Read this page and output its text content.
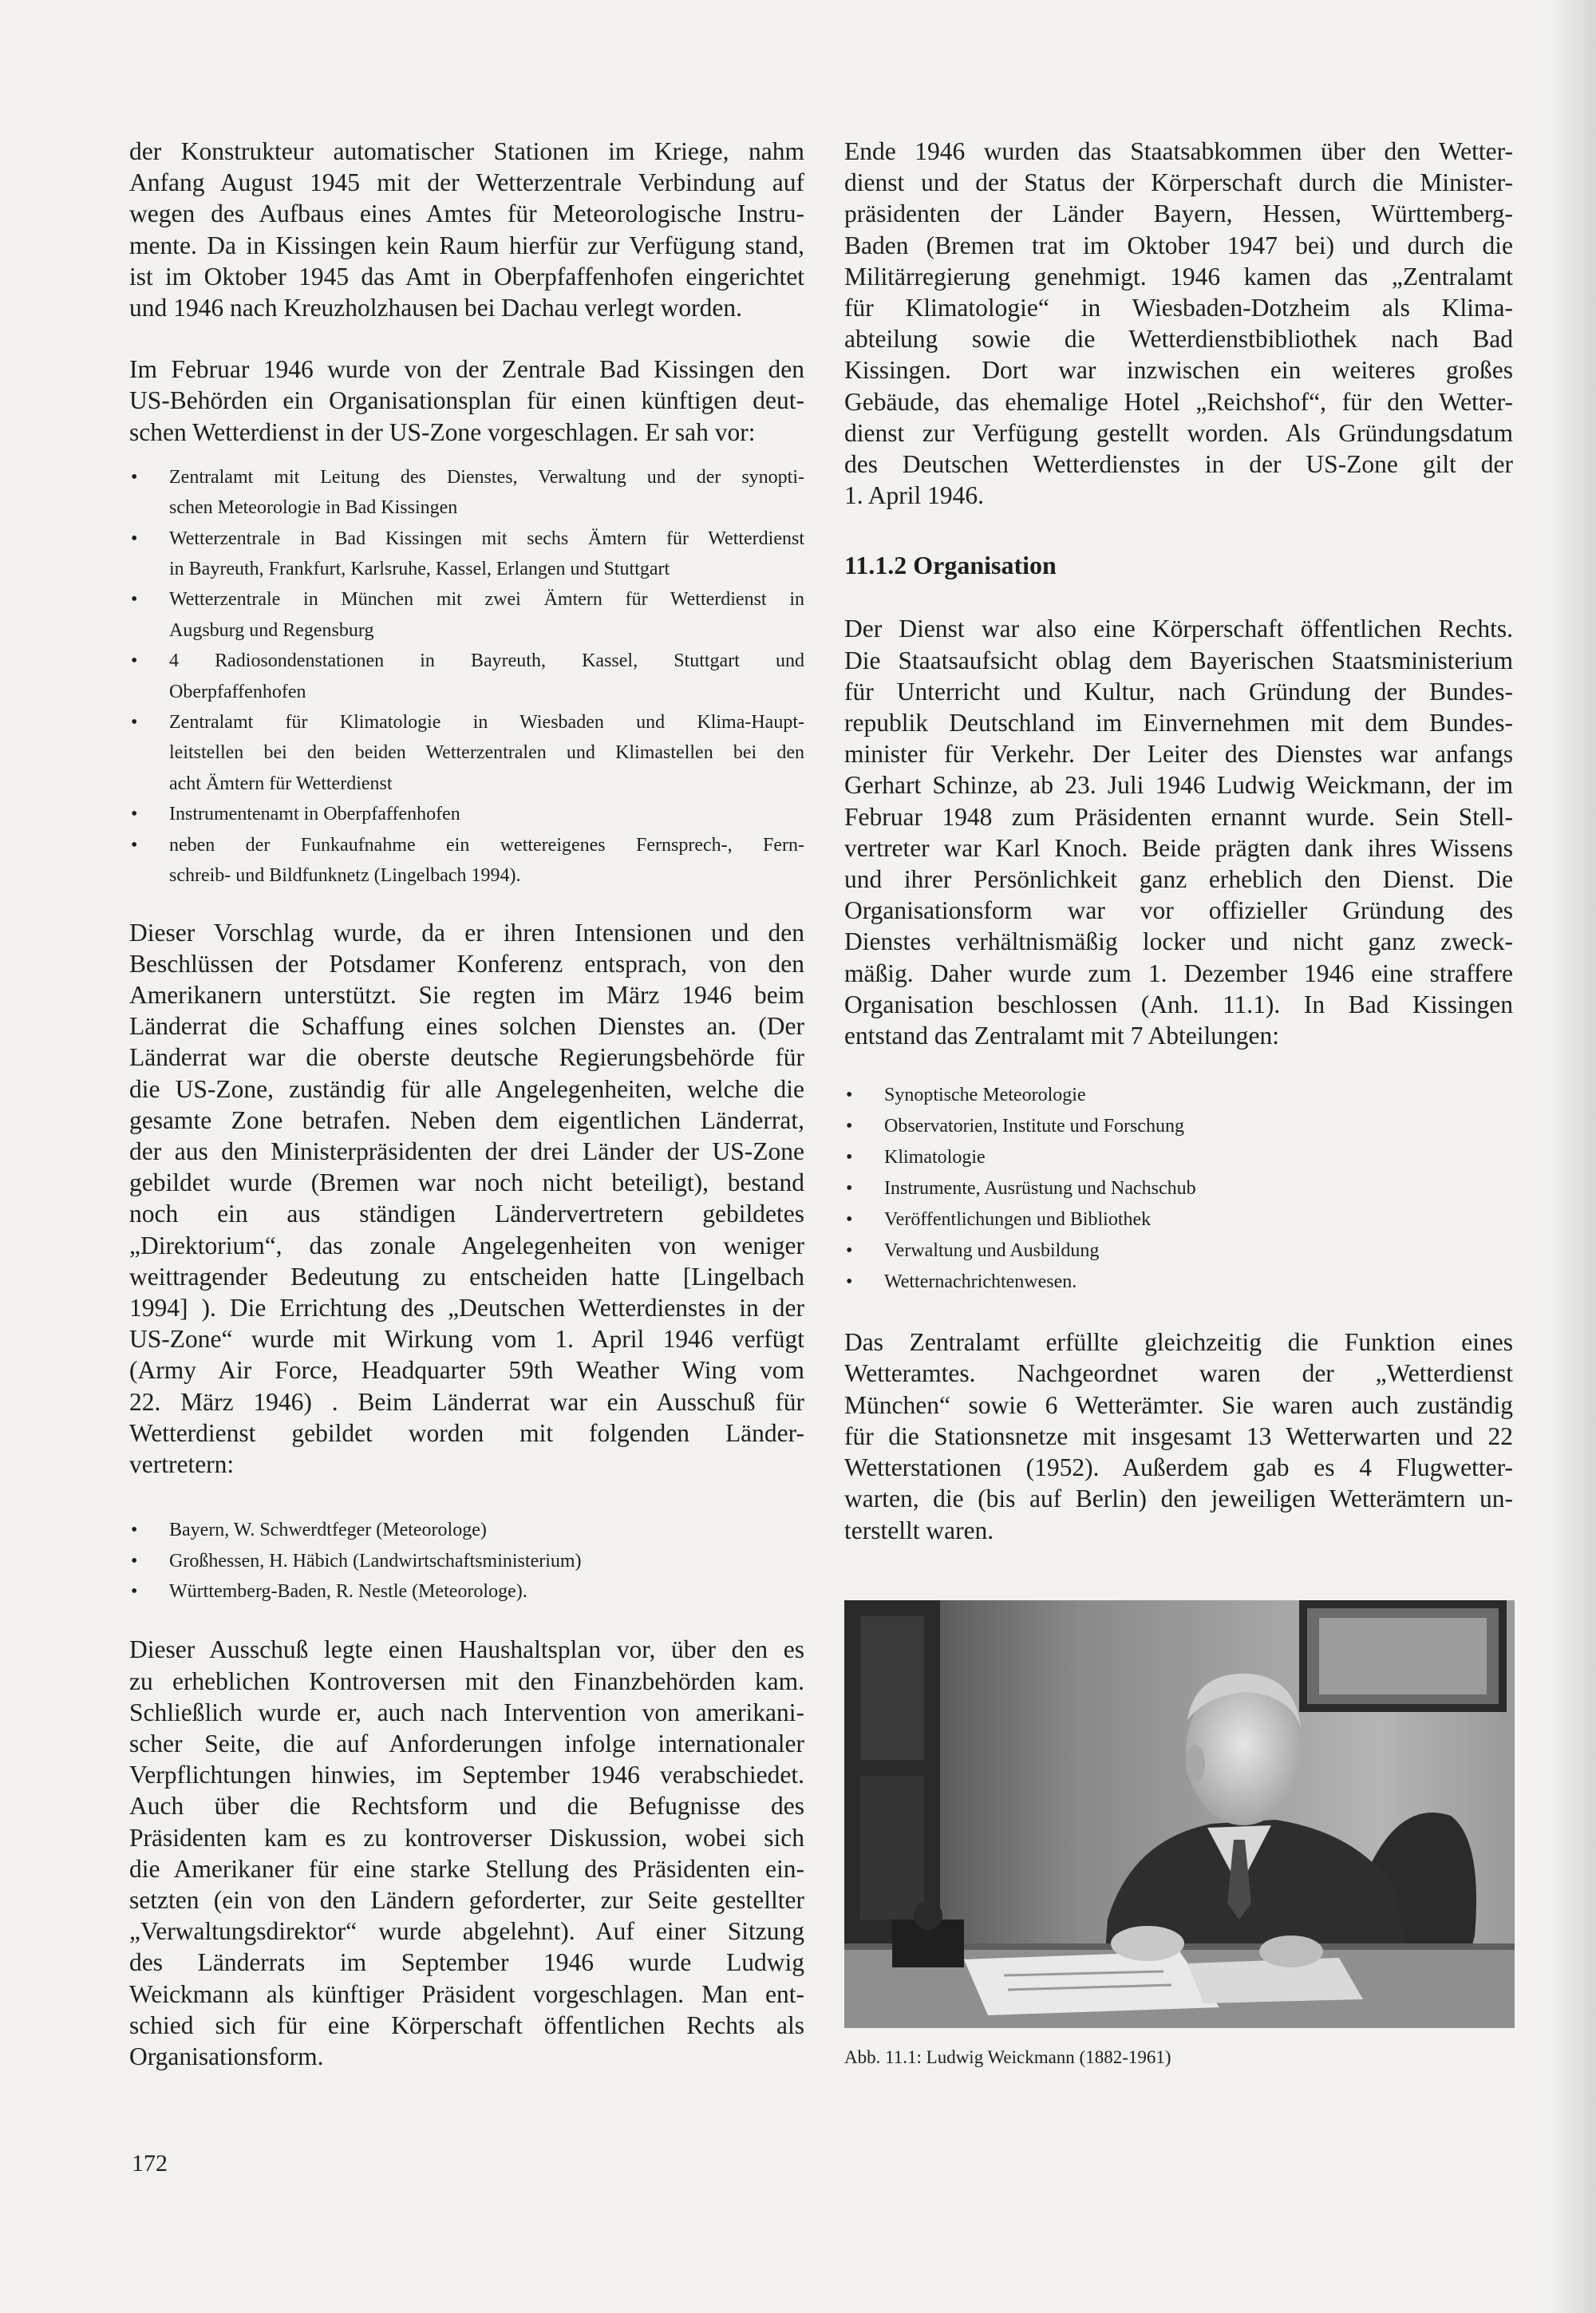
der Konstrukteur automatischer Stationen im Kriege, nahm
Anfang August 1945 mit der Wetterzentrale Verbindung auf
wegen des Aufbaus eines Amtes für Meteorologische Instru-
mente. Da in Kissingen kein Raum hierfür zur Verfügung stand,
ist im Oktober 1945 das Amt in Oberpfaffenhofen eingerichtet
und 1946 nach Kreuzholzhausen bei Dachau verlegt worden.

Im Februar 1946 wurde von der Zentrale Bad Kissingen den
US-Behörden ein Organisationsplan für einen künftigen deut-
schen Wetterdienst in der US-Zone vorgeschlagen. Er sah vor:

• Zentralamt mit Leitung des Dienstes, Verwaltung und der synopti-
schen Meteorologie in Bad Kissingen
• Wetterzentrale in Bad Kissingen mit sechs Ämtern für Wetterdienst
in Bayreuth, Frankfurt, Karlsruhe, Kassel, Erlangen und Stuttgart
• Wetterzentrale in München mit zwei Ämtern für Wetterdienst in
Augsburg und Regensburg
• 4 Radiosondenstationen in Bayreuth, Kassel, Stuttgart und
Oberpfaffenhofen
• Zentralamt für Klimatologie in Wiesbaden und Klima-Haupt-
leitstellen bei den beiden Wetterzentralen und Klimastellen bei den
acht Ämtern für Wetterdienst
• Instrumentenamt in Oberpfaffenhofen
• neben der Funkaufnahme ein wettereigenes Fernsprech-, Fern-
schreib- und Bildfunknetz (Lingelbach 1994).

Dieser Vorschlag wurde, da er ihren Intensionen und den
Beschlüssen der Potsdamer Konferenz entsprach, von den
Amerikanern unterstützt. Sie regten im März 1946 beim
Länderrat die Schaffung eines solchen Dienstes an. (Der
Länderrat war die oberste deutsche Regierungsbehörde für
die US-Zone, zuständig für alle Angelegenheiten, welche die
gesamte Zone betrafen. Neben dem eigentlichen Länderrat,
der aus den Ministerpräsidenten der drei Länder der US-Zone
gebildet wurde (Bremen war noch nicht beteiligt), bestand
noch ein aus ständigen Ländervertretern gebildetes
„Direktorium“, das zonale Angelegenheiten von weniger
weittragender Bedeutung zu entscheiden hatte [Lingelbach
1994] ). Die Errichtung des „Deutschen Wetterdienstes in der
US-Zone“ wurde mit Wirkung vom 1. April 1946 verfügt
(Army Air Force, Headquarter 59th Weather Wing vom
22. März 1946) . Beim Länderrat war ein Ausschuß für
Wetterdienst gebildet worden mit folgenden Länder-
vertretern:

• Bayern, W. Schwerdtfeger (Meteorologe)
• Großhessen, H. Häbich (Landwirtschaftsministerium)
• Württemberg-Baden, R. Nestle (Meteorologe).

Dieser Ausschuß legte einen Haushaltsplan vor, über den es
zu erheblichen Kontroversen mit den Finanzbehörden kam.
Schließlich wurde er, auch nach Intervention von amerikani-
scher Seite, die auf Anforderungen infolge internationaler
Verpflichtungen hinwies, im September 1946 verabschiedet.
Auch über die Rechtsform und die Befugnisse des
Präsidenten kam es zu kontroverser Diskussion, wobei sich
die Amerikaner für eine starke Stellung des Präsidenten ein-
setzten (ein von den Ländern geforderter, zur Seite gestellter
„Verwaltungsdirektor“ wurde abgelehnt). Auf einer Sitzung
des Länderrats im September 1946 wurde Ludwig
Weickmann als künftiger Präsident vorgeschlagen. Man ent-
schied sich für eine Körperschaft öffentlichen Rechts als
Organisationsform.

Ende 1946 wurden das Staatsabkommen über den Wetter-
dienst und der Status der Körperschaft durch die Minister-
präsidenten der Länder Bayern, Hessen, Württemberg-
Baden (Bremen trat im Oktober 1947 bei) und durch die
Militärregierung genehmigt. 1946 kamen das „Zentralamt
für Klimatologie“ in Wiesbaden-Dotzheim als Klima-
abteilung sowie die Wetterdienstbibliothek nach Bad
Kissingen. Dort war inzwischen ein weiteres großes
Gebäude, das ehemalige Hotel „Reichshof“, für den Wetter-
dienst zur Verfügung gestellt worden. Als Gründungsdatum
des Deutschen Wetterdienstes in der US-Zone gilt der
1. April 1946.

11.1.2 Organisation

Der Dienst war also eine Körperschaft öffentlichen Rechts.
Die Staatsaufsicht oblag dem Bayerischen Staatsministerium
für Unterricht und Kultur, nach Gründung der Bundes-
republik Deutschland im Einvernehmen mit dem Bundes-
minister für Verkehr. Der Leiter des Dienstes war anfangs
Gerhart Schinze, ab 23. Juli 1946 Ludwig Weickmann, der im
Februar 1948 zum Präsidenten ernannt wurde. Sein Stell-
vertreter war Karl Knoch. Beide prägten dank ihres Wissens
und ihrer Persönlichkeit ganz erheblich den Dienst. Die
Organisationsform war vor offizieller Gründung des
Dienstes verhältnismäßig locker und nicht ganz zweck-
mäßig. Daher wurde zum 1. Dezember 1946 eine straffere
Organisation beschlossen (Anh. 11.1). In Bad Kissingen
entstand das Zentralamt mit 7 Abteilungen:

• Synoptische Meteorologie
• Observatorien, Institute und Forschung
• Klimatologie
• Instrumente, Ausrüstung und Nachschub
• Veröffentlichungen und Bibliothek
• Verwaltung und Ausbildung
• Wetternachrichtenwesen.

Das Zentralamt erfüllte gleichzeitig die Funktion eines
Wetteramtes. Nachgeordnet waren der „Wetterdienst
München“ sowie 6 Wetterämter. Sie waren auch zuständig
für die Stationsnetze mit insgesamt 13 Wetterwarten und 22
Wetterstationen (1952). Außerdem gab es 4 Flugwetter-
warten, die (bis auf Berlin) den jeweiligen Wetterämtern un-
terstellt waren.

Abb. 11.1: Ludwig Weickmann (1882-1961)
172
